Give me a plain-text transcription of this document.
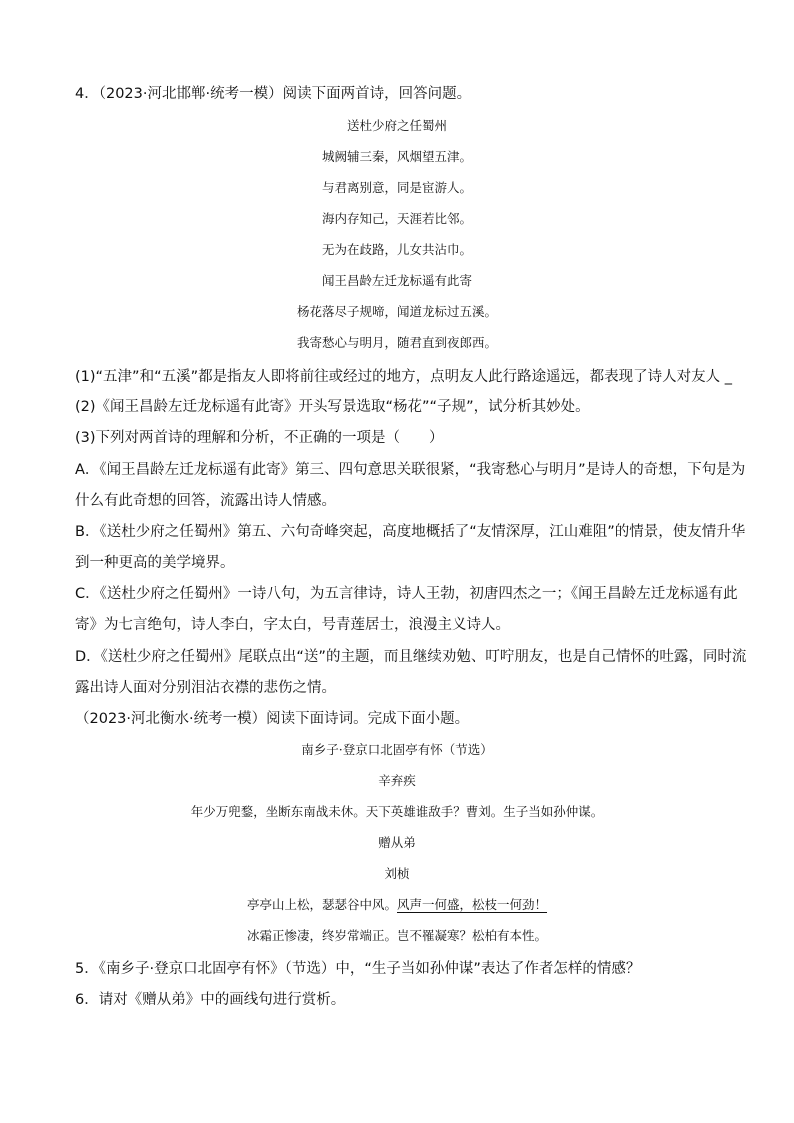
4．（2023·河北邯郸·统考一模）阅读下面两首诗，回答问题。
送杜少府之任蜀州
城阙辅三秦，风烟望五津。
与君离别意，同是宦游人。
海内存知己，天涯若比邻。
无为在歧路，儿女共沾巾。
闻王昌龄左迁龙标遥有此寄
杨花落尽子规啼，闻道龙标过五溪。
我寄愁心与明月，随君直到夜郎西。
(1)“五津”和“五溪”都是指友人即将前往或经过的地方，点明友人此行路途遥远，都表现了诗人对友人 _
(2)《闻王昌龄左迁龙标遥有此寄》开头写景选取“杨花”“子规”，试分析其妙处。
(3)下列对两首诗的理解和分析，不正确的一项是（　　）
A．《闻王昌龄左迁龙标遥有此寄》第三、四句意思关联很紧，“我寄愁心与明月”是诗人的奇想，下句是为
什么有此奇想的回答，流露出诗人情感。
B．《送杜少府之任蜀州》第五、六句奇峰突起，高度地概括了“友情深厚，江山难阻”的情景，使友情升华
到一种更高的美学境界。
C．《送杜少府之任蜀州》一诗八句，为五言律诗，诗人王勃，初唐四杰之一；《闻王昌龄左迁龙标遥有此
寄》为七言绝句，诗人李白，字太白，号青莲居士，浪漫主义诗人。
D．《送杜少府之任蜀州》尾联点出“送”的主题，而且继续劝勉、叮咛朋友，也是自己情怀的吐露，同时流
露出诗人面对分别泪沾衣襟的悲伤之情。
（2023·河北衡水·统考一模）阅读下面诗词。完成下面小题。
南乡子·登京口北固亭有怀（节选）
辛弃疾
年少万兜鍪，坐断东南战未休。天下英雄谁敌手？曹刘。生子当如孙仲谋。
赠从弟
刘桢
亭亭山上松，瑟瑟谷中风。风声一何盛，松枝一何劲！
冰霜正惨凄，终岁常端正。岂不罹凝寒？松柏有本性。
5．《南乡子·登京口北固亭有怀》（节选）中，“生子当如孙仲谋”表达了作者怎样的情感？
6．请对《赠从弟》中的画线句进行赏析。
